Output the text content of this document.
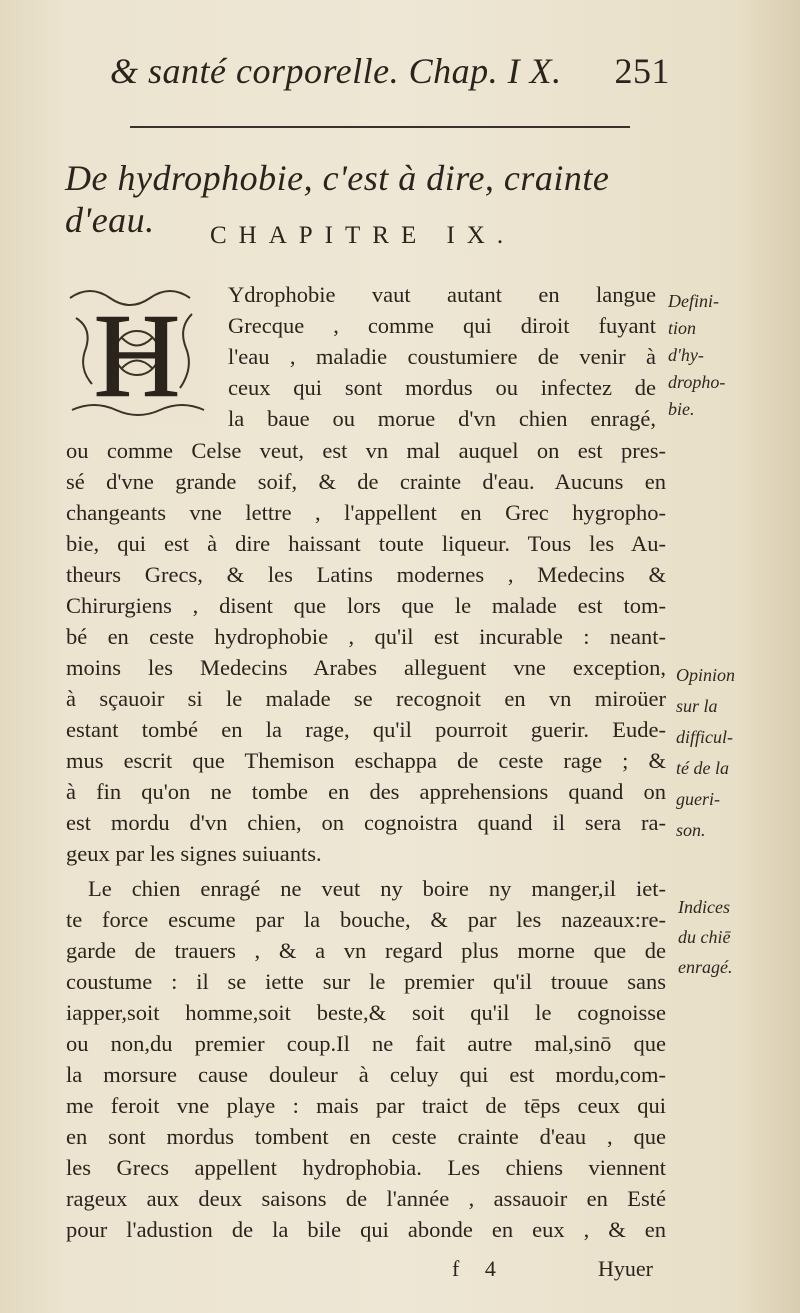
& santé corporelle. Chap. I X. 251
De hydrophobie, c'est à dire, crainte d'eau.	CHAPITRE IX.
H Ydrophobie vaut autant en langue
Grecque , comme qui diroit fuyant
l'eau , maladie coustumiere de venir à
ceux qui sont mordus ou infectez de
la baue ou morue d'vn chien enragé,
ou comme Celse veut, est vn mal auquel on est pres-
sé d'vne grande soif, & de crainte d'eau. Aucuns en
changeants vne lettre , l'appellent en Grec hygropho-
bie, qui est à dire haissant toute liqueur. Tous les Au-
theurs Grecs, & les Latins modernes , Medecins &
Chirurgiens , disent que lors que le malade est tom-
bé en ceste hydrophobie , qu'il est incurable : neant-
moins les Medecins Arabes alleguent vne exception,
à sçauoir si le malade se recognoit en vn miroüer
estant tombé en la rage, qu'il pourroit guerir. Eude-
mus escrit que Themison eschappa de ceste rage ; &
à fin qu'on ne tombe en des apprehensions quand on
est mordu d'vn chien, on cognoistra quand il sera ra-
geux par les signes suiuants.
Le chien enragé ne veut ny boire ny manger,il iet-
te force escume par la bouche, & par les nazeaux:re-
garde de trauers , & a vn regard plus morne que de
coustume : il se iette sur le premier qu'il trouue sans
iapper,soit homme,soit beste,& soit qu'il le cognoisse
ou non,du premier coup.Il ne fait autre mal,sinō que
la morsure cause douleur à celuy qui est mordu,com-
me feroit vne playe : mais par traict de tēps ceux qui
en sont mordus tombent en ceste crainte d'eau , que
les Grecs appellent hydrophobia. Les chiens viennent
rageux aux deux saisons de l'année , assauoir en Esté
pour l'adustion de la bile qui abonde en eux , & en
Defini-
tion
d'hy-
dropho-
bie.
Opinion
sur la
difficul-
té de la
gueri-
son.
Indices
du chiē
enragé.
f 4	Hyuer
